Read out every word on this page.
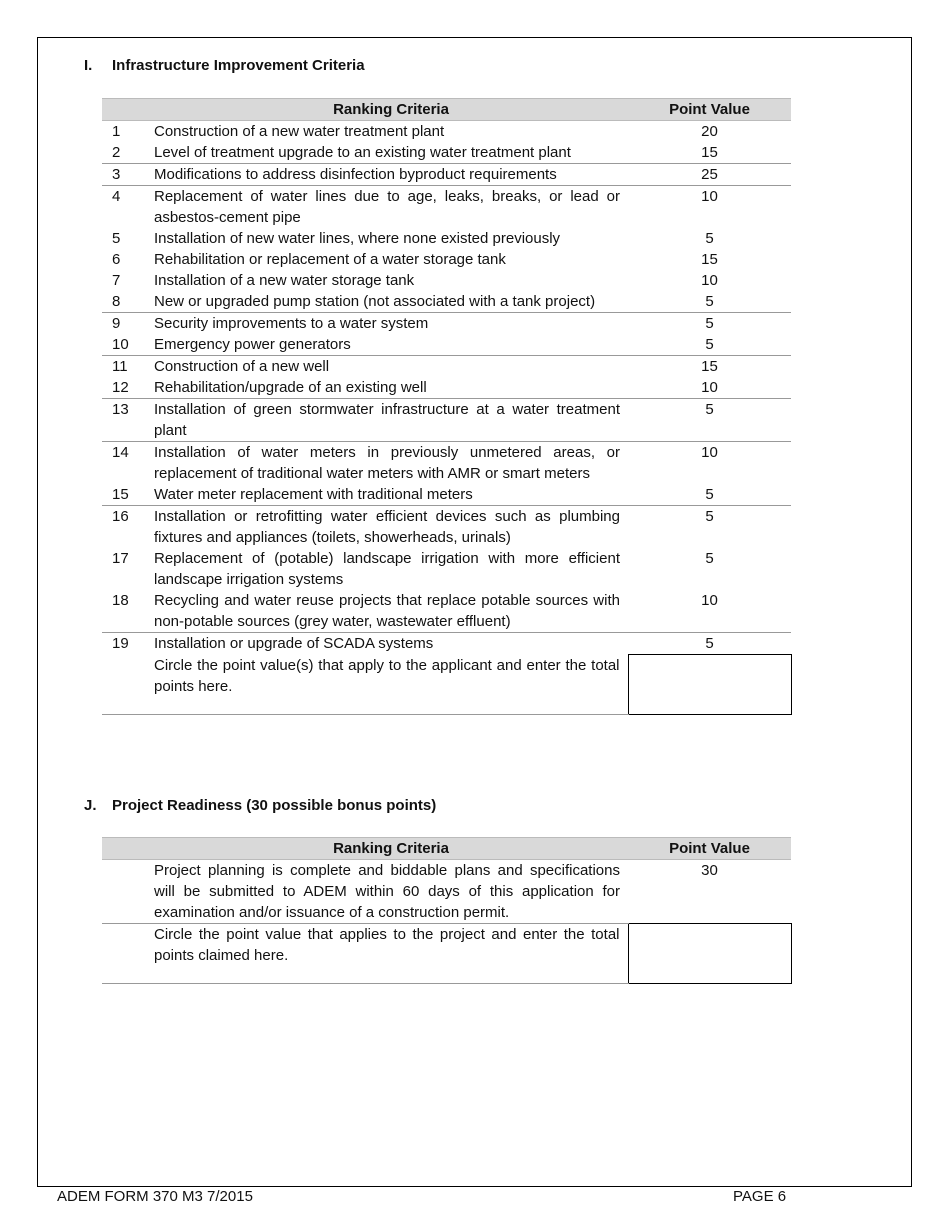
I. Infrastructure Improvement Criteria
	Ranking Criteria	Point Value
1	Construction of a new water treatment plant	20
2	Level of treatment upgrade to an existing water treatment plant	15
3	Modifications to address disinfection byproduct requirements	25
4	Replacement of water lines due to age, leaks, breaks, or lead or asbestos-cement pipe	10
5	Installation of new water lines, where none existed previously	5
6	Rehabilitation or replacement of a water storage tank	15
7	Installation of a new water storage tank	10
8	New or upgraded pump station (not associated with a tank project)	5
9	Security improvements to a water system	5
10	Emergency power generators	5
11	Construction of a new well	15
12	Rehabilitation/upgrade of an existing well	10
13	Installation of green stormwater infrastructure at a water treatment plant	5
14	Installation of water meters in previously unmetered areas, or replacement of traditional water meters with AMR or smart meters	10
15	Water meter replacement with traditional meters	5
16	Installation or retrofitting water efficient devices such as plumbing fixtures and appliances (toilets, showerheads, urinals)	5
17	Replacement of (potable) landscape irrigation with more efficient landscape irrigation systems	5
18	Recycling and water reuse projects that replace potable sources with non-potable sources (grey water, wastewater effluent)	10
19	Installation or upgrade of SCADA systems	5
	Circle the point value(s) that apply to the applicant and enter the total points here.	
J. Project Readiness (30 possible bonus points)
	Ranking Criteria	Point Value
	Project planning is complete and biddable plans and specifications will be submitted to ADEM within 60 days of this application for examination and/or issuance of a construction permit.	30
	Circle the point value that applies to the project and enter the total points claimed here.	
ADEM FORM 370 M3 7/2015	PAGE 6
